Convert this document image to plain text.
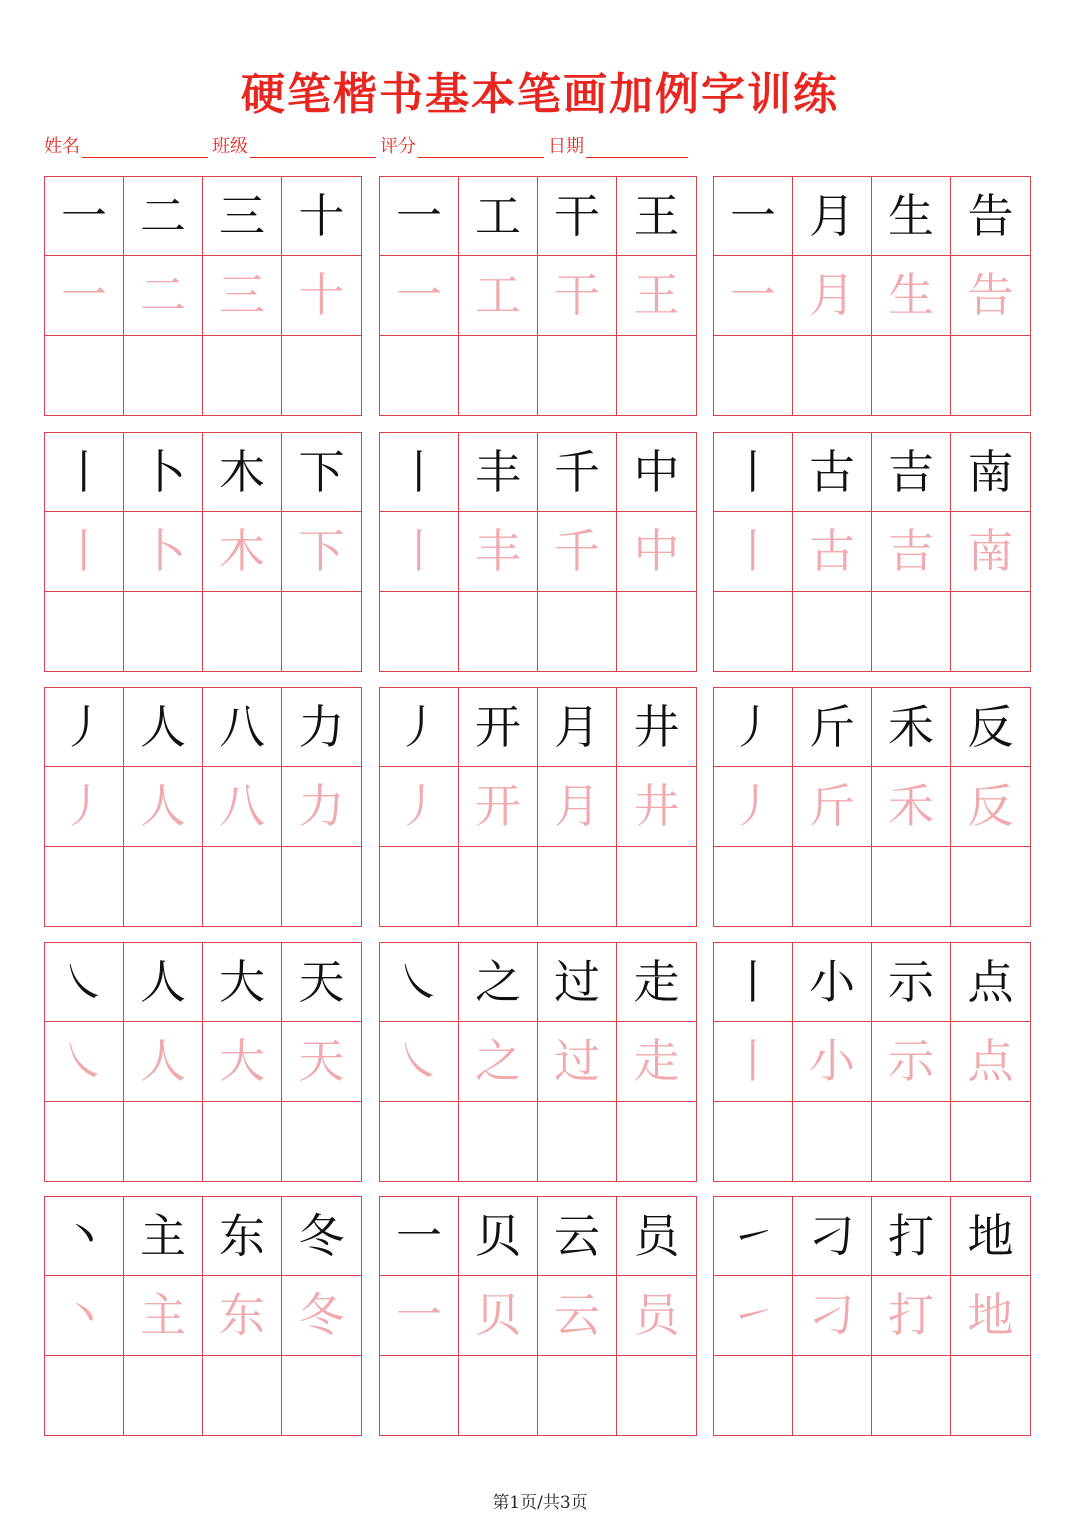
硬笔楷书基本笔画加例字训练
姓名	班级	评分	日期
一 二 三 十
一 二 三 十
一 工 干 王
一 工 干 王
一 月 生 告
一 月 生 告
丨 卜 木 下
丨 卜 木 下
丨 丰 千 中
丨 丰 千 中
丨 古 吉 南
丨 古 吉 南
丿 人 八 力
丿 人 八 力
丿 开 月 井
丿 开 月 井
丿 斤 禾 反
丿 斤 禾 反
㇏ 人 大 天
㇏ 人 大 天
㇏ 之 过 走
㇏ 之 过 走
丨 小 示 点
丨 小 示 点
丶 主 东 冬
丶 主 东 冬
一 贝 云 员
一 贝 云 员
㇀ 刁 打 地
㇀ 刁 打 地
第1页/共3页
